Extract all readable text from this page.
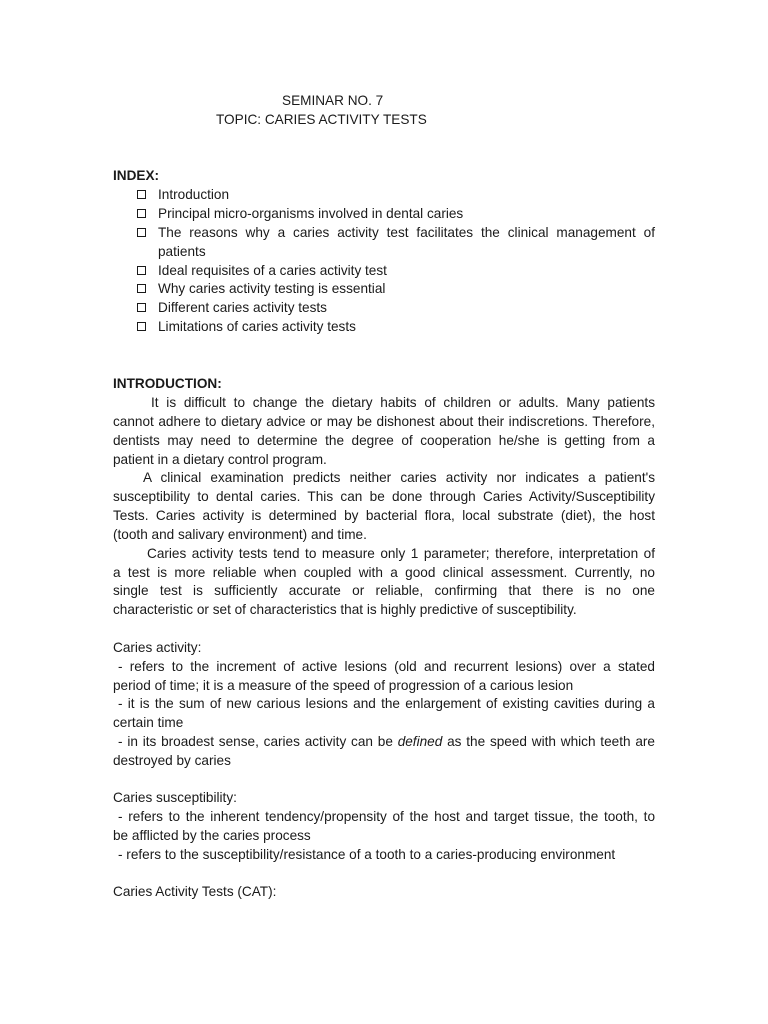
SEMINAR NO. 7
TOPIC: CARIES ACTIVITY TESTS
INDEX:
Introduction
Principal micro-organisms involved in dental caries
The reasons why a caries activity test facilitates the clinical management of
patients
Ideal requisites of a caries activity test
Why caries activity testing is essential
Different caries activity tests
Limitations of caries activity tests
INTRODUCTION:
It is difficult to change the dietary habits of children or adults. Many patients
cannot adhere to dietary advice or may be dishonest about their indiscretions. Therefore,
dentists may need to determine the degree of cooperation he/she is getting from a
patient in a dietary control program.
A clinical examination predicts neither caries activity nor indicates a patient's
susceptibility to dental caries. This can be done through Caries Activity/Susceptibility
Tests. Caries activity is determined by bacterial flora, local substrate (diet), the host
(tooth and salivary environment) and time.
Caries activity tests tend to measure only 1 parameter; therefore, interpretation of
a test is more reliable when coupled with a good clinical assessment. Currently, no
single test is sufficiently accurate or reliable, confirming that there is no one
characteristic or set of characteristics that is highly predictive of susceptibility.
Caries activity:
- refers to the increment of active lesions (old and recurrent lesions) over a stated
period of time; it is a measure of the speed of progression of a carious lesion
- it is the sum of new carious lesions and the enlargement of existing cavities during a
certain time
- in its broadest sense, caries activity can be defined as the speed with which teeth are
destroyed by caries
Caries susceptibility:
- refers to the inherent tendency/propensity of the host and target tissue, the tooth, to
be afflicted by the caries process
- refers to the susceptibility/resistance of a tooth to a caries-producing environment
Caries Activity Tests (CAT):
